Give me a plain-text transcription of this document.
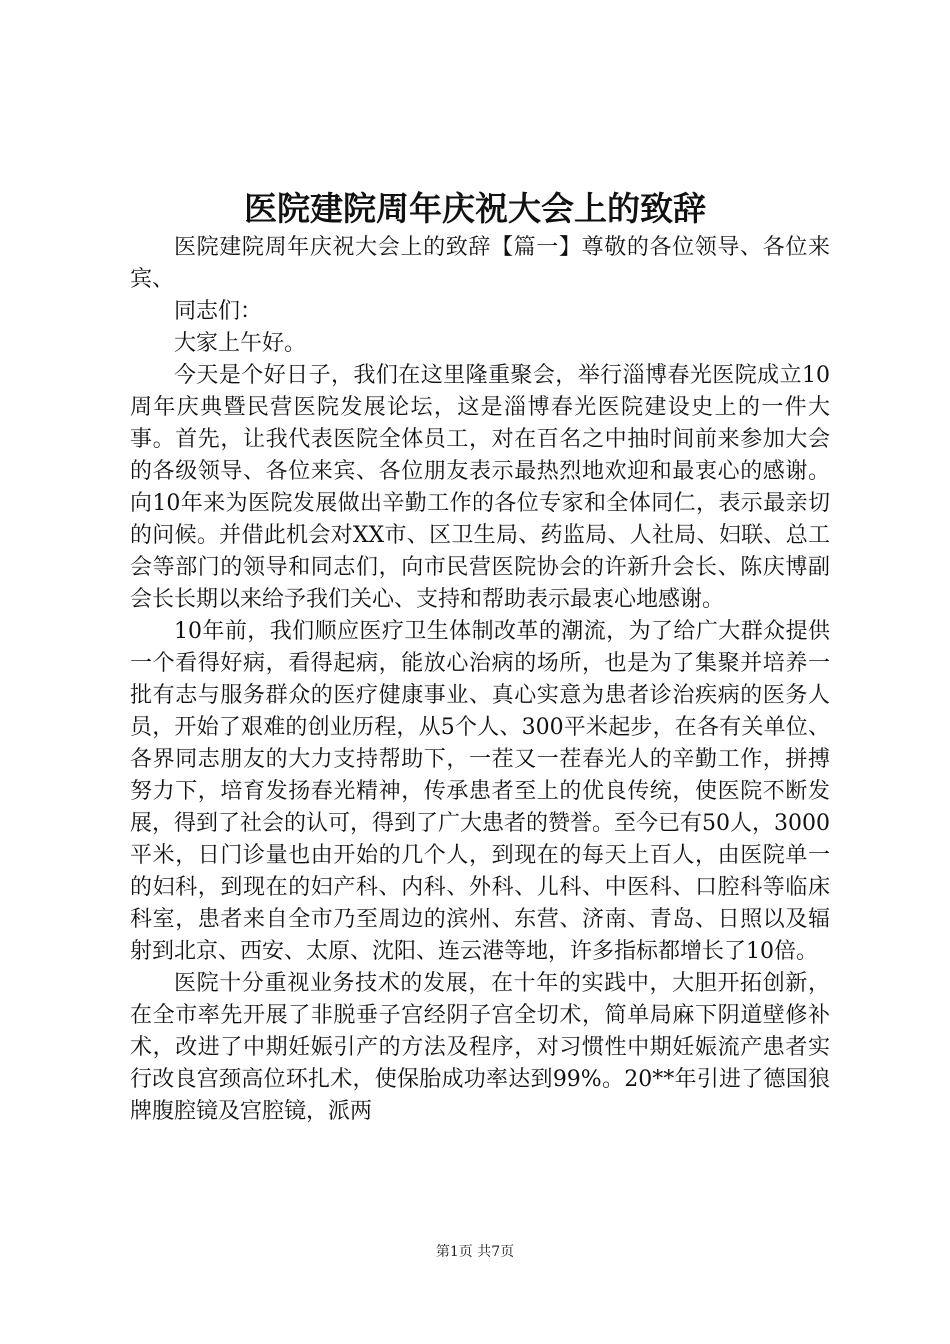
医院建院周年庆祝大会上的致辞

医院建院周年庆祝大会上的致辞【篇一】尊敬的各位领导、各位来宾、

同志们：

大家上午好。

今天是个好日子，我们在这里隆重聚会，举行淄博春光医院成立10周年庆典暨民营医院发展论坛，这是淄博春光医院建设史上的一件大事。首先，让我代表医院全体员工，对在百名之中抽时间前来参加大会的各级领导、各位来宾、各位朋友表示最热烈地欢迎和最衷心的感谢。向10年来为医院发展做出辛勤工作的各位专家和全体同仁，表示最亲切的问候。并借此机会对XX市、区卫生局、药监局、人社局、妇联、总工会等部门的领导和同志们，向市民营医院协会的许新升会长、陈庆博副会长长期以来给予我们关心、支持和帮助表示最衷心地感谢。

10年前，我们顺应医疗卫生体制改革的潮流，为了给广大群众提供一个看得好病，看得起病，能放心治病的场所，也是为了集聚并培养一批有志与服务群众的医疗健康事业、真心实意为患者诊治疾病的医务人员，开始了艰难的创业历程，从5个人、300平米起步，在各有关单位、各界同志朋友的大力支持帮助下，一茬又一茬春光人的辛勤工作，拼搏努力下，培育发扬春光精神，传承患者至上的优良传统，使医院不断发展，得到了社会的认可，得到了广大患者的赞誉。至今已有50人，3000平米，日门诊量也由开始的几个人，到现在的每天上百人，由医院单一的妇科，到现在的妇产科、内科、外科、儿科、中医科、口腔科等临床科室，患者来自全市乃至周边的滨州、东营、济南、青岛、日照以及辐射到北京、西安、太原、沈阳、连云港等地，许多指标都增长了10倍。

医院十分重视业务技术的发展，在十年的实践中，大胆开拓创新，在全市率先开展了非脱垂子宫经阴子宫全切术，简单局麻下阴道壁修补术，改进了中期妊娠引产的方法及程序，对习惯性中期妊娠流产患者实行改良宫颈高位环扎术，使保胎成功率达到99%。20**年引进了德国狼牌腹腔镜及宫腔镜，派两

第1页 共7页
